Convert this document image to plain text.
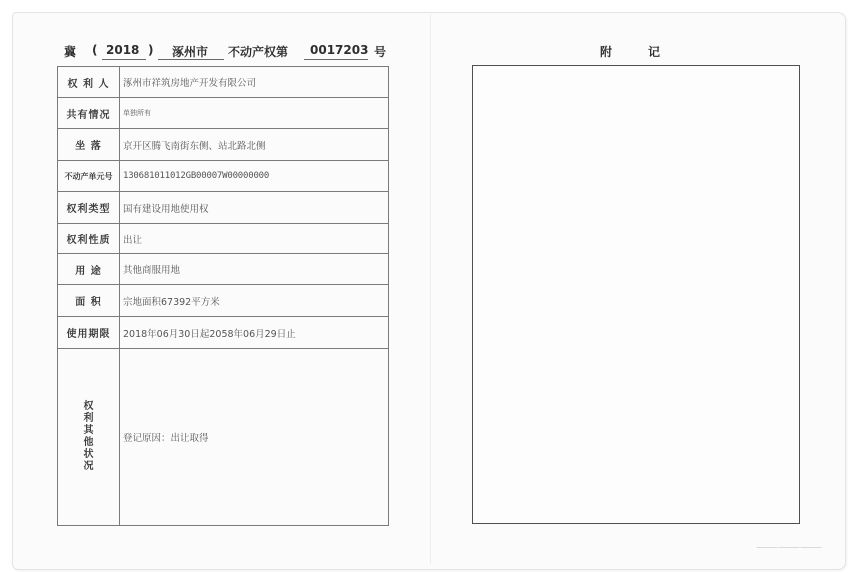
冀 ( 2018 ) 涿州市 不动产权第 0017203 号	附	记
权 利 人	涿州市祥筑房地产开发有限公司
共有情况	单独所有
坐 落	京开区腾飞南街东侧、站北路北侧
不动产单元号	130681011012GB00007W00000000
权利类型	国有建设用地使用权
权利性质	出让
用 途	其他商服用地
面 积	宗地面积67392平方米
使用期限	2018年06月30日起2058年06月29日止
权利其他状况	登记原因：出让取得
⸺⸺⸺
